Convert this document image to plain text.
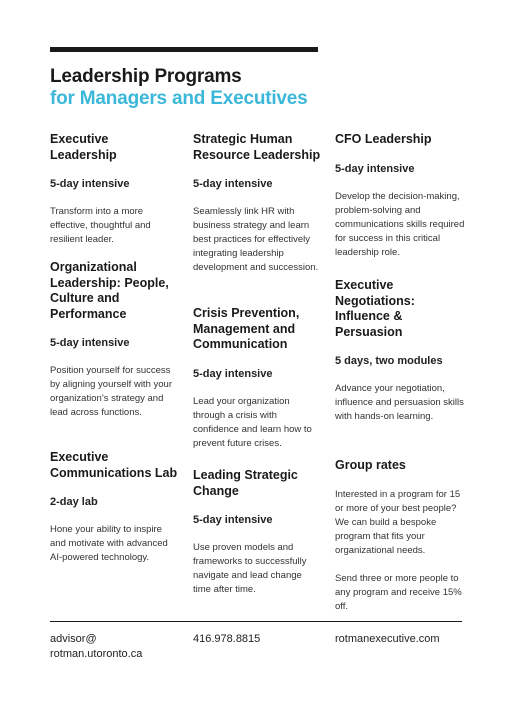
Leadership Programs
for Managers and Executives
Executive Leadership

5-day intensive

Transform into a more effective, thoughtful and resilient leader.

Organizational Leadership: People, Culture and Performance

5-day intensive

Position yourself for success by aligning yourself with your organization’s strategy and lead across functions.

Executive Communications Lab

2-day lab

Hone your ability to inspire and motivate with advanced AI-powered technology.

Strategic Human Resource Leadership

5-day intensive

Seamlessly link HR with business strategy and learn best practices for effectively integrating leadership development and succession.

Crisis Prevention, Management and Communication

5-day intensive

Lead your organization through a crisis with confidence and learn how to prevent future crises.

Leading Strategic Change

5-day intensive

Use proven models and frameworks to successfully navigate and lead change time after time.

CFO Leadership

5-day intensive

Develop the decision-making, problem-solving and communications skills required for success in this critical leadership role.

Executive Negotiations: Influence & Persuasion

5 days, two modules

Advance your negotiation, influence and persuasion skills with hands-on learning.

Group rates

Interested in a program for 15 or more of your best people? We can build a bespoke program that fits your organizational needs.

Send three or more people to any program and receive 15% off.

advisor@
rotman.utoronto.ca
416.978.8815	rotmanexecutive.com
